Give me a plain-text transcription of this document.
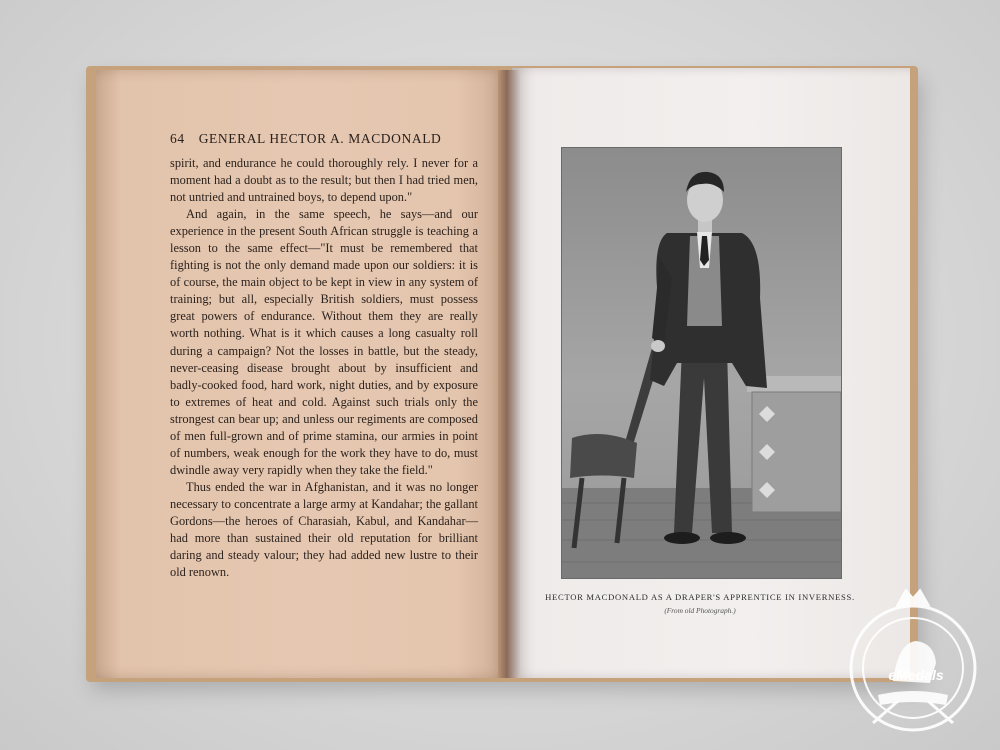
64 GENERAL HECTOR A. MACDONALD

spirit, and endurance he could thoroughly rely. I never for a moment had a doubt as to the result; but then I had tried men, not untried and untrained boys, to depend upon."

And again, in the same speech, he says—and our experience in the present South African struggle is teaching a lesson to the same effect—"It must be remembered that fighting is not the only demand made upon our soldiers: it is of course, the main object to be kept in view in any system of training; but all, especially British soldiers, must possess great powers of endurance. Without them they are really worth nothing. What is it which causes a long casualty roll during a campaign? Not the losses in battle, but the steady, never-ceasing disease brought about by insufficient and badly-cooked food, hard work, night duties, and by exposure to extremes of heat and cold. Against such trials only the strongest can bear up; and unless our regiments are composed of men full-grown and of prime stamina, our armies in point of numbers, weak enough for the work they have to do, must dwindle away very rapidly when they take the field."

Thus ended the war in Afghanistan, and it was no longer necessary to concentrate a large army at Kandahar; the gallant Gordons—the heroes of Charasiah, Kabul, and Kandahar—had more than sustained their old reputation for brilliant daring and steady valour; they had added new lustre to their old renown.

HECTOR MACDONALD AS A DRAPER'S APPRENTICE IN INVERNESS.
(From old Photograph.)
eMedals
